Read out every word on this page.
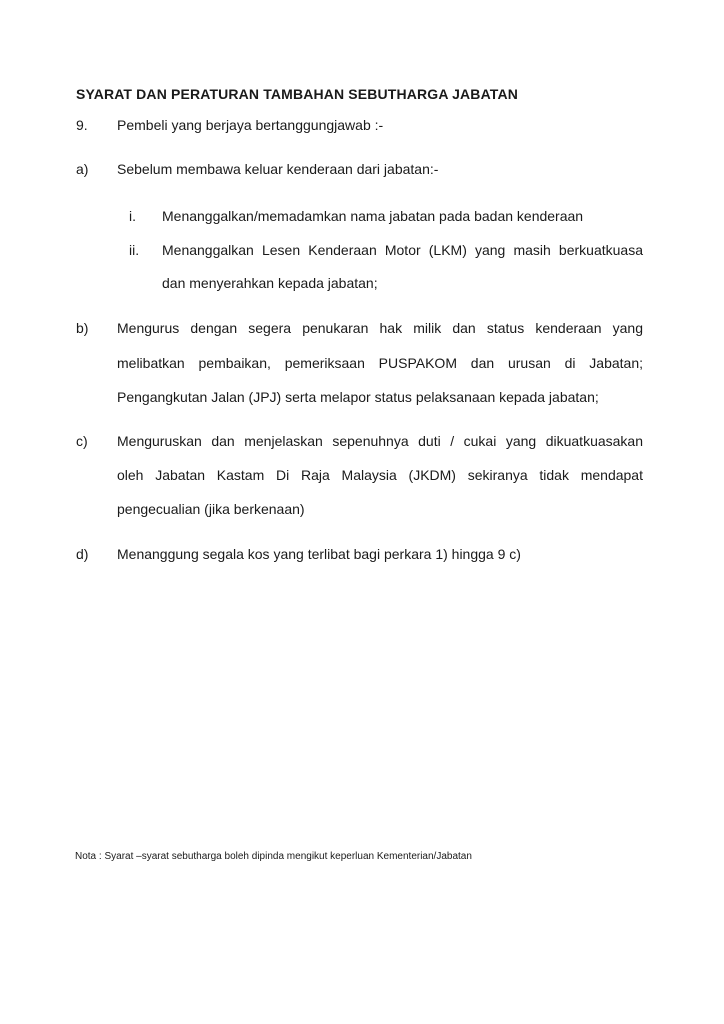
SYARAT DAN PERATURAN TAMBAHAN SEBUTHARGA JABATAN
9. Pembeli yang berjaya bertanggungjawab :-
a) Sebelum membawa keluar kenderaan dari jabatan:-
i. Menanggalkan/memadamkan nama jabatan pada badan kenderaan
ii. Menanggalkan Lesen Kenderaan Motor (LKM) yang masih berkuatkuasa
dan menyerahkan kepada jabatan;
b) Mengurus dengan segera penukaran hak milik dan status kenderaan yang
melibatkan pembaikan, pemeriksaan PUSPAKOM dan urusan di Jabatan;
Pengangkutan Jalan (JPJ) serta melapor status pelaksanaan kepada jabatan;
c) Menguruskan dan menjelaskan sepenuhnya duti / cukai yang dikuatkuasakan
oleh Jabatan Kastam Di Raja Malaysia (JKDM) sekiranya tidak mendapat
pengecualian (jika berkenaan)
d) Menanggung segala kos yang terlibat bagi perkara 1) hingga 9 c)
Nota : Syarat –syarat sebutharga boleh dipinda mengikut keperluan Kementerian/Jabatan
